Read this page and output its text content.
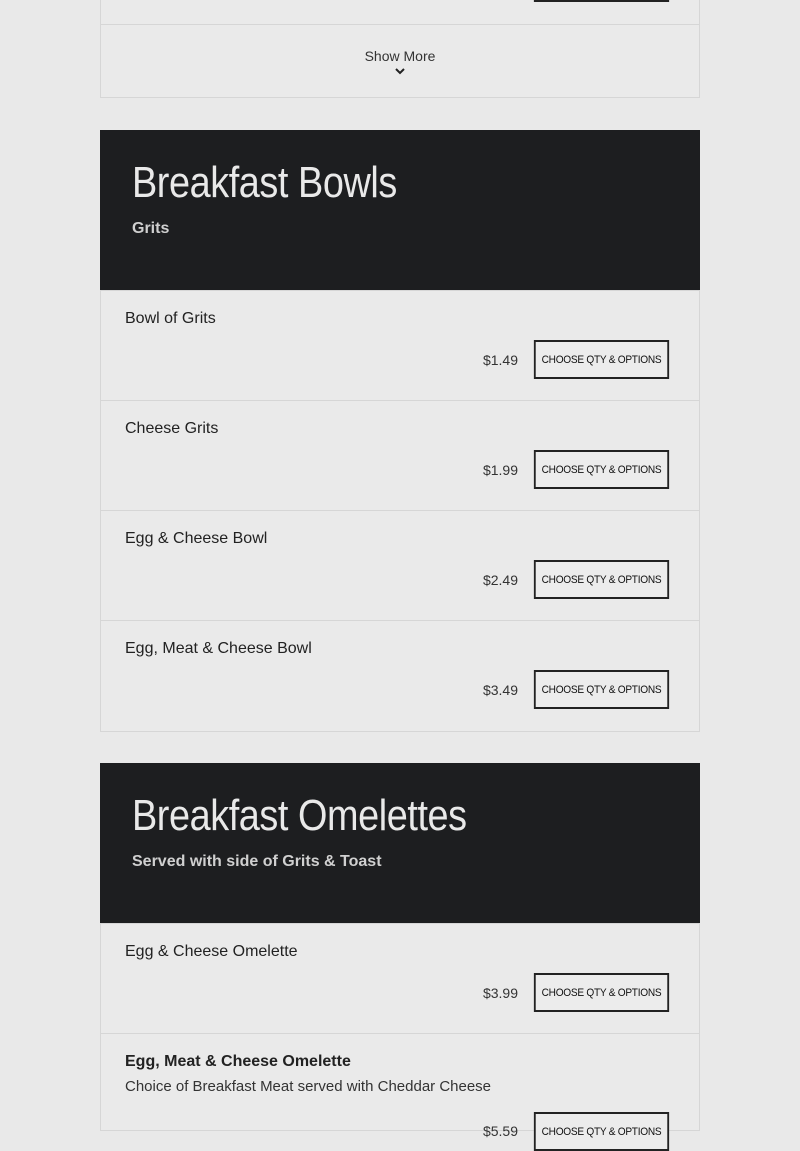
Show More
Breakfast Bowls
Grits
Bowl of Grits
$1.49	CHOOSE QTY & OPTIONS
Cheese Grits
$1.99	CHOOSE QTY & OPTIONS
Egg & Cheese Bowl
$2.49	CHOOSE QTY & OPTIONS
Egg, Meat & Cheese Bowl
$3.49	CHOOSE QTY & OPTIONS
Breakfast Omelettes
Served with side of Grits & Toast
Egg & Cheese Omelette
$3.99	CHOOSE QTY & OPTIONS
Egg, Meat & Cheese Omelette
Choice of Breakfast Meat served with Cheddar Cheese
$5.59	CHOOSE QTY & OPTIONS
